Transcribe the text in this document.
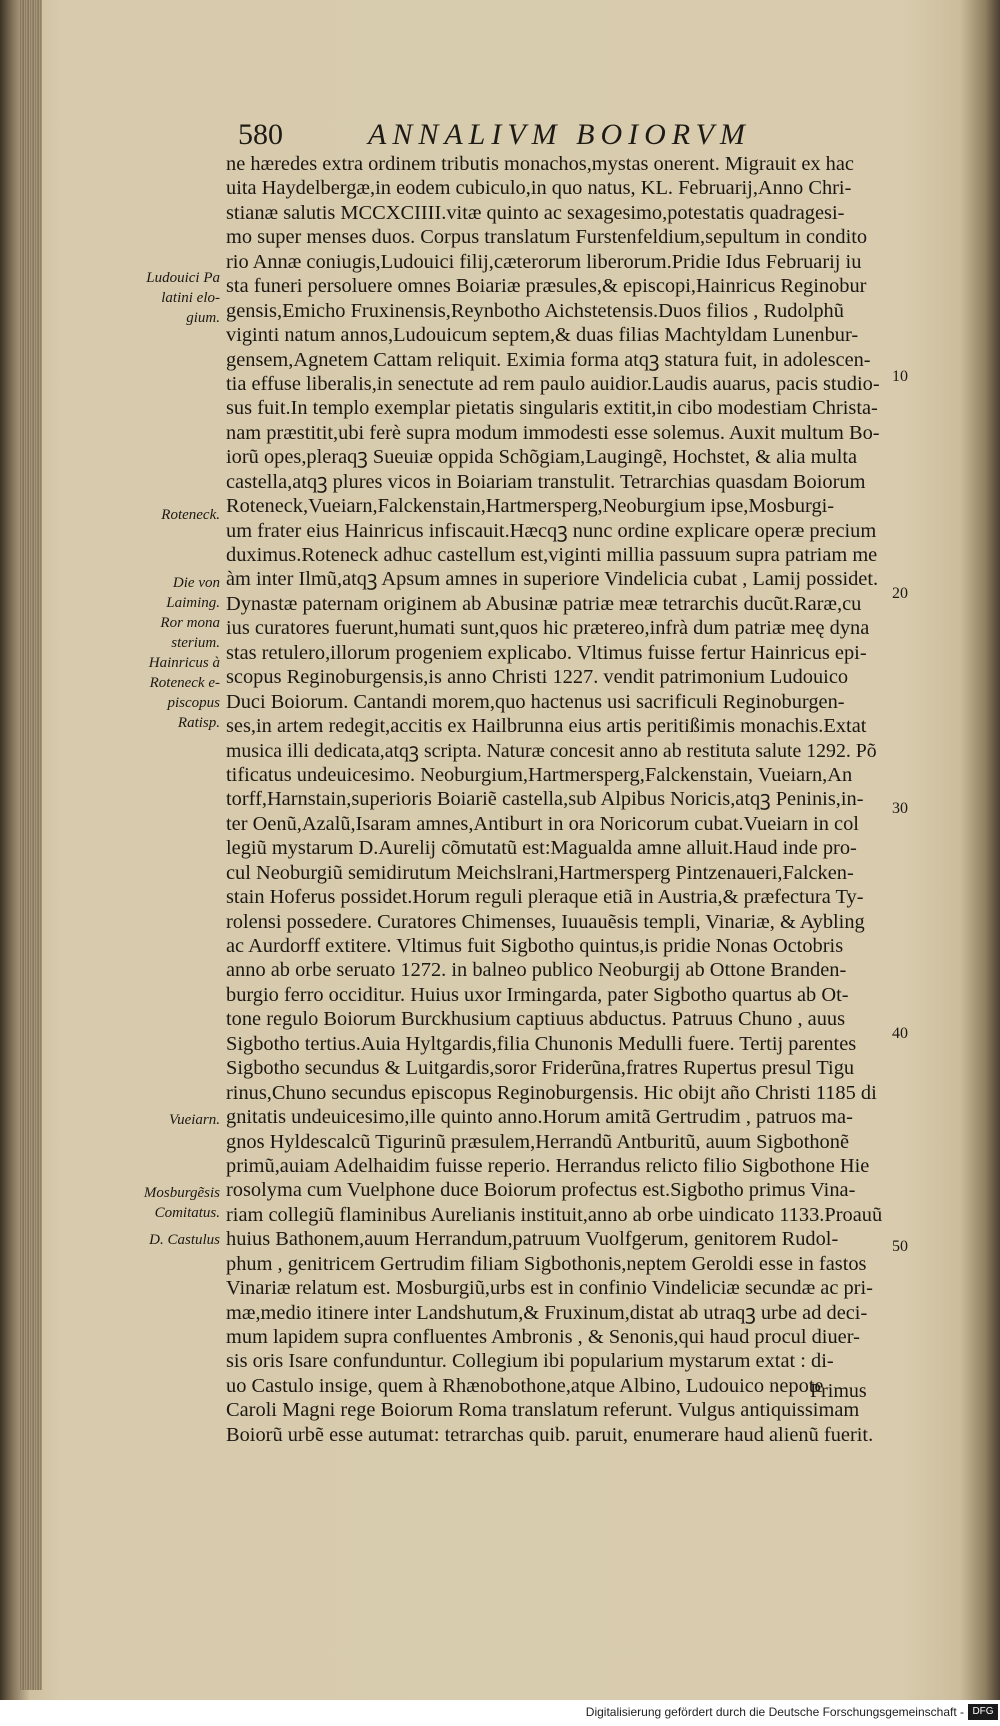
580	ANNALIVM BOIORVM
ne hæredes extra ordinem tributis monachos,mystas onerent. Migrauit ex hac
uita Haydelbergæ,in eodem cubiculo,in quo natus, KL. Februarij,Anno Chri-
stianæ salutis MCCXCIIII.vitæ quinto ac sexagesimo,potestatis quadragesi-
mo super menses duos. Corpus translatum Furstenfeldium,sepultum in condito
rio Annæ coniugis,Ludouici filij,cæterorum liberorum.Pridie Idus Februarij iu
sta funeri persoluere omnes Boiariæ præsules,& episcopi,Hainricus Reginobur
gensis,Emicho Fruxinensis,Reynbotho Aichstetensis.Duos filios , Rudolphũ
viginti natum annos,Ludouicum septem,& duas filias Machtyldam Lunenbur-
gensem,Agnetem Cattam reliquit. Eximia forma atqꝫ statura fuit, in adolescen-
tia effuse liberalis,in senectute ad rem paulo auidior.Laudis auarus, pacis studio-
sus fuit.In templo exemplar pietatis singularis extitit,in cibo modestiam Christa-
nam præstitit,ubi ferè supra modum immodesti esse solemus. Auxit multum Bo-
iorũ opes,pleraqꝫ Sueuiæ oppida Schõgiam,Laugingẽ, Hochstet, & alia multa
castella,atqꝫ plures vicos in Boiariam transtulit. Tetrarchias quasdam Boiorum
Roteneck,Vueiarn,Falckenstain,Hartmersperg,Neoburgium ipse,Mosburgi-
um frater eius Hainricus infiscauit.Hæcqꝫ nunc ordine explicare operæ precium
duximus.Roteneck adhuc castellum est,viginti millia passuum supra patriam me
àm inter Ilmũ,atqꝫ Apsum amnes in superiore Vindelicia cubat , Lamij possidet.
Dynastæ paternam originem ab Abusinæ patriæ meæ tetrarchis ducũt.Raræ,cu
ius curatores fuerunt,humati sunt,quos hic prætereo,infrà dum patriæ meę dyna
stas retulero,illorum progeniem explicabo. Vltimus fuisse fertur Hainricus epi-
scopus Reginoburgensis,is anno Christi 1227. vendit patrimonium Ludouico
Duci Boiorum. Cantandi morem,quo hactenus usi sacrificuli Reginoburgen-
ses,in artem redegit,accitis ex Hailbrunna eius artis peritißimis monachis.Extat
musica illi dedicata,atqꝫ scripta. Naturæ concesit anno ab restituta salute 1292. Põ
tificatus undeuicesimo. Neoburgium,Hartmersperg,Falckenstain, Vueiarn,An
torff,Harnstain,superioris Boiariẽ castella,sub Alpibus Noricis,atqꝫ Peninis,in-
ter Oenũ,Azalũ,Isaram amnes,Antiburt in ora Noricorum cubat.Vueiarn in col
legiũ mystarum D.Aurelij cõmutatũ est:Magualda amne alluit.Haud inde pro-
cul Neoburgiũ semidirutum Meichslrani,Hartmersperg Pintzenaueri,Falcken-
stain Hoferus possidet.Horum reguli pleraque etiã in Austria,& præfectura Ty-
rolensi possedere. Curatores Chimenses, Iuuauẽsis templi, Vinariæ, & Aybling
ac Aurdorff extitere. Vltimus fuit Sigbotho quintus,is pridie Nonas Octobris
anno ab orbe seruato 1272. in balneo publico Neoburgij ab Ottone Branden-
burgio ferro occiditur. Huius uxor Irmingarda, pater Sigbotho quartus ab Ot-
tone regulo Boiorum Burckhusium captiuus abductus. Patruus Chuno , auus
Sigbotho tertius.Auia Hyltgardis,filia Chunonis Medulli fuere. Tertij parentes
Sigbotho secundus & Luitgardis,soror Friderũna,fratres Rupertus presul Tigu
rinus,Chuno secundus episcopus Reginoburgensis. Hic obijt año Christi 1185 di
gnitatis undeuicesimo,ille quinto anno.Horum amitã Gertrudim , patruos ma-
gnos Hyldescalcũ Tigurinũ præsulem,Herrandũ Antburitũ, auum Sigbothonẽ
primũ,auiam Adelhaidim fuisse reperio. Herrandus relicto filio Sigbothone Hie
rosolyma cum Vuelphone duce Boiorum profectus est.Sigbotho primus Vina-
riam collegiũ flaminibus Aurelianis instituit,anno ab orbe uindicato 1133.Proauũ
huius Bathonem,auum Herrandum,patruum Vuolfgerum, genitorem Rudol-
phum , genitricem Gertrudim filiam Sigbothonis,neptem Geroldi esse in fastos
Vinariæ relatum est. Mosburgiũ,urbs est in confinio Vindeliciæ secundæ ac pri-
mæ,medio itinere inter Landshutum,& Fruxinum,distat ab utraqꝫ urbe ad deci-
mum lapidem supra confluentes Ambronis , & Senonis,qui haud procul diuer-
sis oris Isare confunduntur. Collegium ibi popularium mystarum extat : di-
uo Castulo insige, quem à Rhænobothone,atque Albino, Ludouico nepote
Caroli Magni rege Boiorum Roma translatum referunt. Vulgus antiquissimam
Boiorũ urbẽ esse autumat: tetrarchas quib. paruit, enumerare haud alienũ fuerit.
Ludouici Pa
latini elo-
gium.
Roteneck.
Die von
Laiming.
Ror mona
sterium.
Hainricus à
Roteneck e-
piscopus
Ratisp.
Vueiarn.
Mosburgẽsis
Comitatus.
D. Castulus
10
20
30
40
50
Primus
Digitalisierung gefördert durch die Deutsche Forschungsgemeinschaft - DFG
